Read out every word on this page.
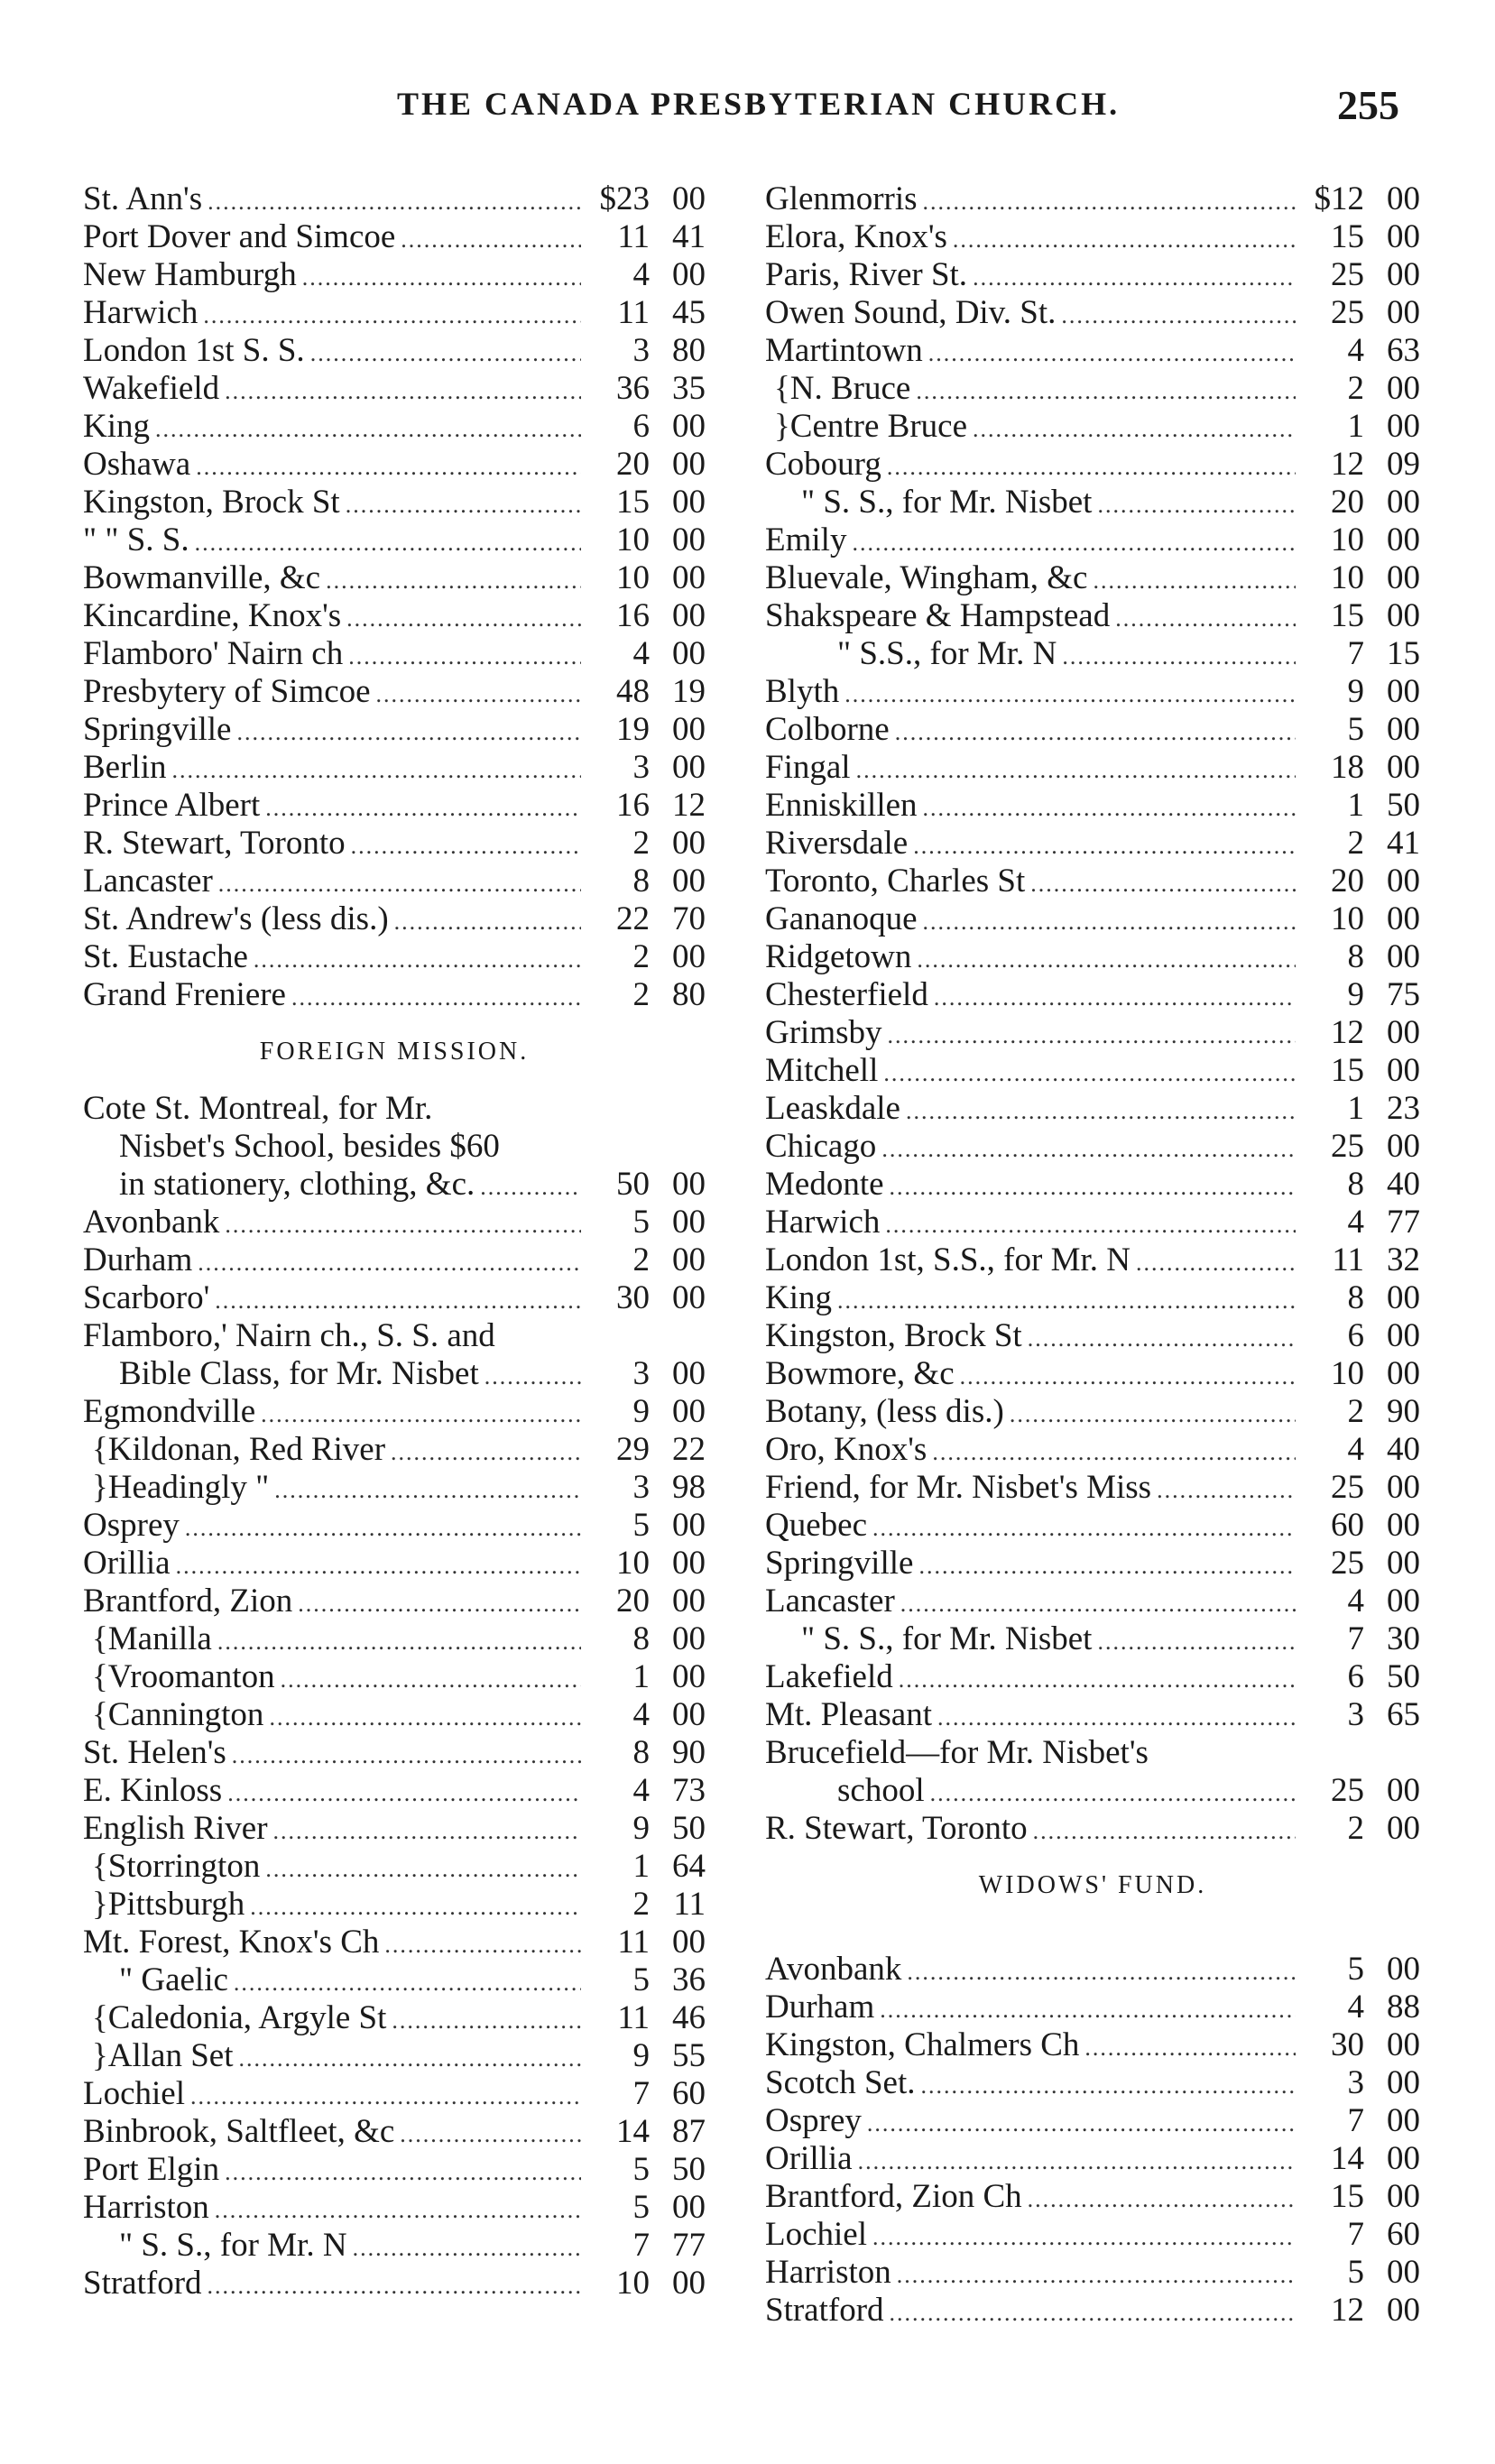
THE CANADA PRESBYTERIAN CHURCH.	255
St. Ann's .....	$23 00
Port Dover and Simcoe .....	11 41
New Hamburgh .....	4 00
Harwich .....	11 45
London 1st S. S. .....	3 80
Wakefield .....	36 35
King .....	6 00
Oshawa .....	20 00
Kingston, Brock St .....	15 00
" " S. S. .....	10 00
Bowmanville, &c .....	10 00
Kincardine, Knox's .....	16 00
Flamboro' Nairn ch .....	4 00
Presbytery of Simcoe .....	48 19
Springville .....	19 00
Berlin .....	3 00
Prince Albert .....	16 12
R. Stewart, Toronto .....	2 00
Lancaster .....	8 00
St. Andrew's (less dis.) .....	22 70
St. Eustache .....	2 00
Grand Freniere .....	2 80
FOREIGN MISSION.
Cote St. Montreal, for Mr.
Nisbet's School, besides $60
in stationery, clothing, &c. .....	50 00
Avonbank .....	5 00
Durham .....	2 00
Scarboro' .....	30 00
Flamboro,' Nairn ch., S. S. and
Bible Class, for Mr. Nisbet .....	3 00
Egmondville .....	9 00
{ Kildonan, Red River .....	29 22
} Headingly " .....	3 98
Osprey .....	5 00
Orillia .....	10 00
Brantford, Zion .....	20 00
{ Manilla .....	8 00
{ Vroomanton .....	1 00
{ Cannington .....	4 00
St. Helen's .....	8 90
E. Kinloss .....	4 73
English River .....	9 50
{ Storrington .....	1 64
} Pittsburgh .....	2 11
Mt. Forest, Knox's Ch .....	11 00
" Gaelic .....	5 36
{ Caledonia, Argyle St .....	11 46
} Allan Set .....	9 55
Lochiel .....	7 60
Binbrook, Saltfleet, &c .....	14 87
Port Elgin .....	5 50
Harriston .....	5 00
" S. S., for Mr. N .....	7 77
Stratford .....	10 00
Glenmorris .....	$12 00
Elora, Knox's .....	15 00
Paris, River St. .....	25 00
Owen Sound, Div. St. .....	25 00
Martintown .....	4 63
{ N. Bruce .....	2 00
} Centre Bruce .....	1 00
Cobourg .....	12 09
" S. S., for Mr. Nisbet .....	20 00
Emily .....	10 00
Bluevale, Wingham, &c .....	10 00
Shakspeare & Hampstead .....	15 00
" S.S., for Mr. N .....	7 15
Blyth .....	9 00
Colborne .....	5 00
Fingal .....	18 00
Enniskillen .....	1 50
Riversdale .....	2 41
Toronto, Charles St .....	20 00
Gananoque .....	10 00
Ridgetown .....	8 00
Chesterfield .....	9 75
Grimsby .....	12 00
Mitchell .....	15 00
Leaskdale .....	1 23
Chicago .....	25 00
Medonte .....	8 40
Harwich .....	4 77
London 1st, S.S., for Mr. N .....	11 32
King .....	8 00
Kingston, Brock St .....	6 00
Bowmore, &c .....	10 00
Botany, (less dis.) .....	2 90
Oro, Knox's .....	4 40
Friend, for Mr. Nisbet's Miss .....	25 00
Quebec .....	60 00
Springville .....	25 00
Lancaster .....	4 00
" S. S., for Mr. Nisbet .....	7 30
Lakefield .....	6 50
Mt. Pleasant .....	3 65
Brucefield—for Mr. Nisbet's
school .....	25 00
R. Stewart, Toronto .....	2 00
WIDOWS' FUND.
Avonbank .....	5 00
Durham .....	4 88
Kingston, Chalmers Ch .....	30 00
Scotch Set. .....	3 00
Osprey .....	7 00
Orillia .....	14 00
Brantford, Zion Ch .....	15 00
Lochiel .....	7 60
Harriston .....	5 00
Stratford .....	12 00
